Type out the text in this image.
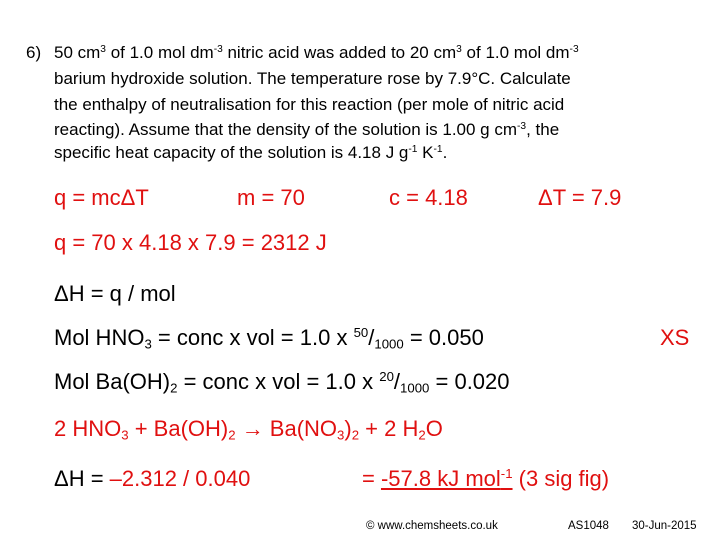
6) 50 $cm^3$ of 1.0 mol $dm^{-3}$ nitric acid was added to 20 $cm^3$ of 1.0 mol $dm^{-3}$
barium hydroxide solution. The temperature rose by 7.9°C. Calculate
the enthalpy of neutralisation for this reaction (per mole of nitric acid
reacting). Assume that the density of the solution is 1.00 g $cm^{-3}$, the
specific heat capacity of the solution is 4.18 J $g^{-1}$ $K^{-1}$.
q = mcΔT	m = 70	c = 4.18	ΔT = 7.9
q = 70 x 4.18 x 7.9 = 2312 J
ΔH = q / mol
Mol $HNO_3$ = conc x vol = 1.0 x $^{50}/_{1000} = 0.050$	XS
Mol $Ba(OH)_2$ = conc x vol = 1.0 x $^{20}/_{1000} = 0.020$
2 $HNO_3 + Ba(OH)_2 \to Ba(NO_3)_2 + 2$ $H_2O$
ΔH = –2.312 / 0.040	= -57.8 kJ mol$^{-1}$ (3 sig fig)
© www.chemsheets.co.uk	AS1048 30-Jun-2015
